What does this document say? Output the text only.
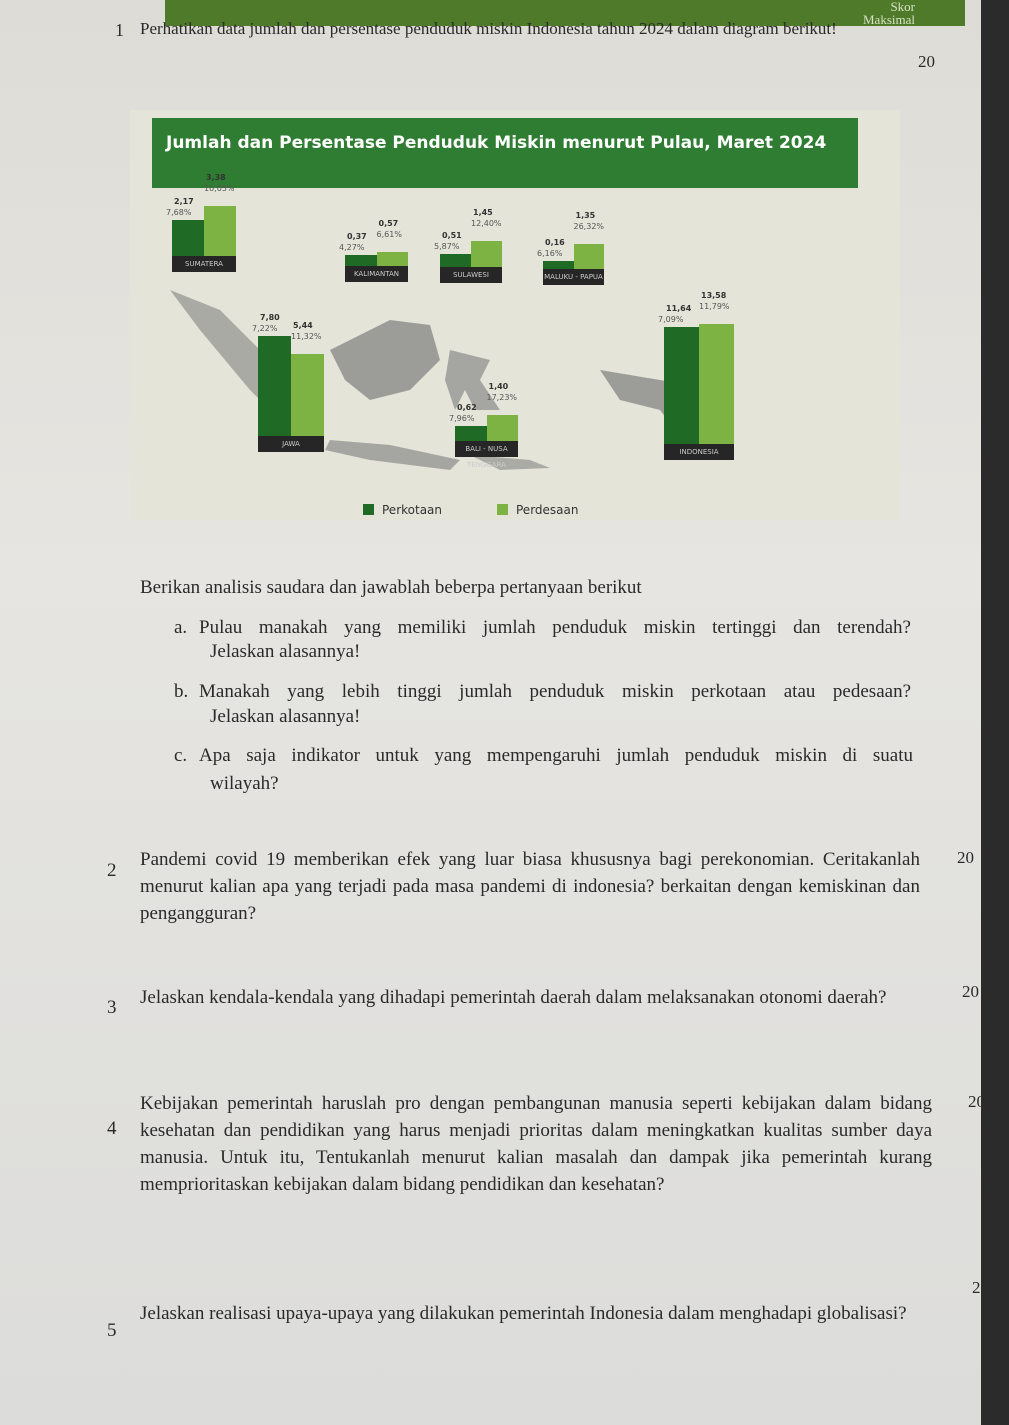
Skor
Maksimal
1 Perhatikan data jumlah dan persentase penduduk miskin Indonesia tahun 2024 dalam diagram berikut!
20
Jumlah dan Persentase Penduduk Miskin menurut Pulau, Maret 2024
2,17
7,68%
3,38
10,05%
SUMATERA
7,80
7,22% 5,44
11,32%
JAWA
0,37
4,27%
0,57
6,61%
KALIMANTAN
0,62
7,96%
1,40
17,23%
BALI - NUSA TENGGARA
0,51
5,87%
1,45
12,40%
SULAWESI
0,16
6,16%
1,35
26,32%
MALUKU - PAPUA
11,64
7,09%
13,58
11,79%
INDONESIA
Perkotaan	Perdesaan
Berikan analisis saudara dan jawablah beberpa pertanyaan berikut
a. Pulau manakah yang memiliki jumlah penduduk miskin tertinggi dan terendah?
Jelaskan alasannya!
b. Manakah yang lebih tinggi jumlah penduduk miskin perkotaan atau pedesaan?
Jelaskan alasannya!
c. Apa saja indikator untuk yang mempengaruhi jumlah penduduk miskin di suatu
wilayah?
2
Pandemi covid 19 memberikan efek yang luar biasa khususnya bagi perekonomian. Ceritakanlah menurut kalian apa yang terjadi pada masa pandemi di indonesia? berkaitan dengan kemiskinan dan pengangguran?
20
3 Jelaskan kendala-kendala yang dihadapi pemerintah daerah dalam melaksanakan otonomi daerah?	20
4
Kebijakan pemerintah haruslah pro dengan pembangunan manusia seperti kebijakan dalam bidang kesehatan dan pendidikan yang harus menjadi prioritas dalam meningkatkan kualitas sumber daya manusia. Untuk itu, Tentukanlah menurut kalian masalah dan dampak jika pemerintah kurang memprioritaskan kebijakan dalam bidang pendidikan dan kesehatan?
20
5
Jelaskan realisasi upaya-upaya yang dilakukan pemerintah Indonesia dalam menghadapi globalisasi?
20
